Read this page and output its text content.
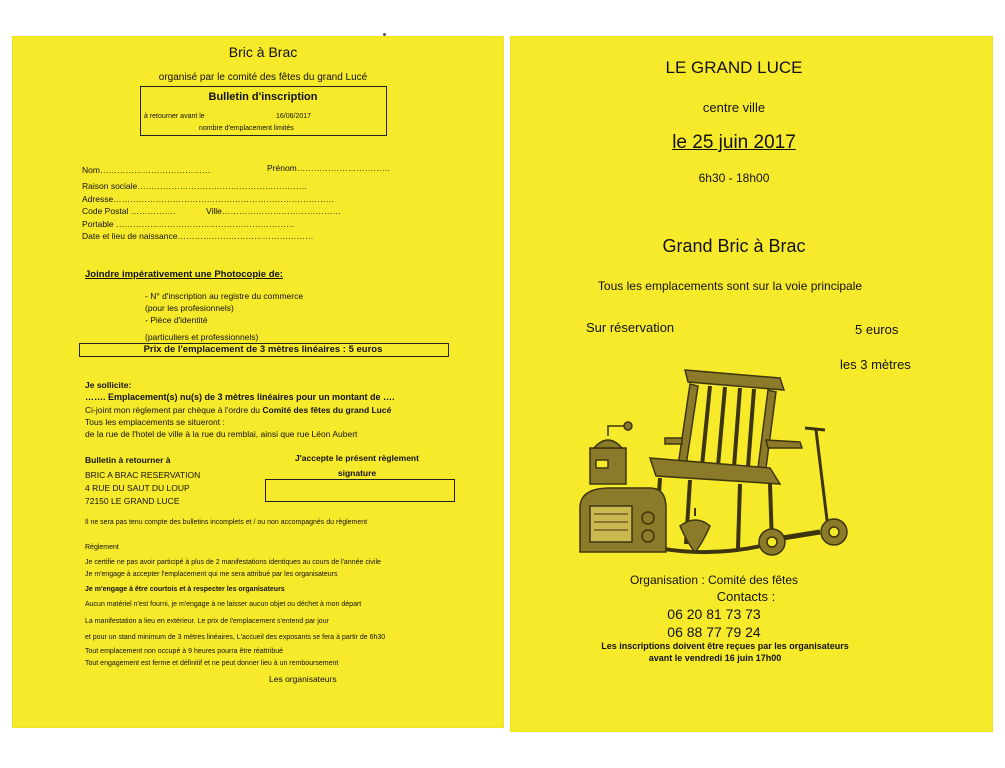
Bric à Brac
organisé par le comité des fêtes du grand Lucé
Bulletin d'inscription
à retourner avant le	16/06/2017
nombre d'emplacement limités
Nom…………………………………	Prénom……………………………
Raison sociale……………………………………………………
Adresse……………………………………………………………………
Code Postal …………….	Ville……………………………………
Portable ………………………………………………………
Date et lieu de naissance…………………………………………
Joindre impérativement une Photocopie de:
- N° d'inscription au registre du commerce
(pour les profesionnels)
- Pièce d'identité
(particuliers et professionnels)
Prix de l'emplacement de 3 mètres linéaires : 5 euros
Je sollicite:
……. Emplacement(s) nu(s) de 3 mètres linéaires pour un montant de ….
Ci-joint mon règlement par chèque à l'ordre du Comité des fêtes du grand Lucé
Tous les emplacements se situeront :
de la rue de l'hotel de ville à la rue du remblai, ainsi que rue Léon Aubert
Bulletin à retourner à
BRIC A BRAC RESERVATION
4 RUE DU SAUT DU LOUP
72150 LE GRAND LUCE
J'accepte le présent règlement
signature
Il ne sera pas tenu compte des bulletins incomplets et / ou non accompagnés du règlement
Règlement
Je certifie ne pas avoir participé à plus de 2 manifestations identiques au cours de l'année civile
Je m'engage à accepter l'emplacement qui me sera attribué par les organisateurs
Je m'engage à être courtois et à respecter les organisateurs
Aucun matériel n'est fourni, je m'engage à ne laisser aucun objet ou déchet à mon départ
La manifestation a lieu en extérieur. Le prix de l'emplacement s'entend par jour
et pour un stand minimum de 3 mètres linéaires, L'accueil des exposants se fera à partir de 6h30
Tout emplacement non occupé à 9 heures pourra être réattribué
Tout engagement est ferme et définitif et ne peut donner lieu à un remboursement
Les organisateurs
LE GRAND LUCE
centre ville
le 25 juin 2017
6h30 - 18h00
Grand Bric à Brac
Tous les emplacements sont sur la voie principale
Sur réservation	5 euros
les 3 mètres
Organisation : Comité des fêtes
Contacts :
06 20 81 73 73
06 88 77 79 24
Les inscriptions doivent être reçues par les organisateurs
avant le vendredi 16 juin 17h00
